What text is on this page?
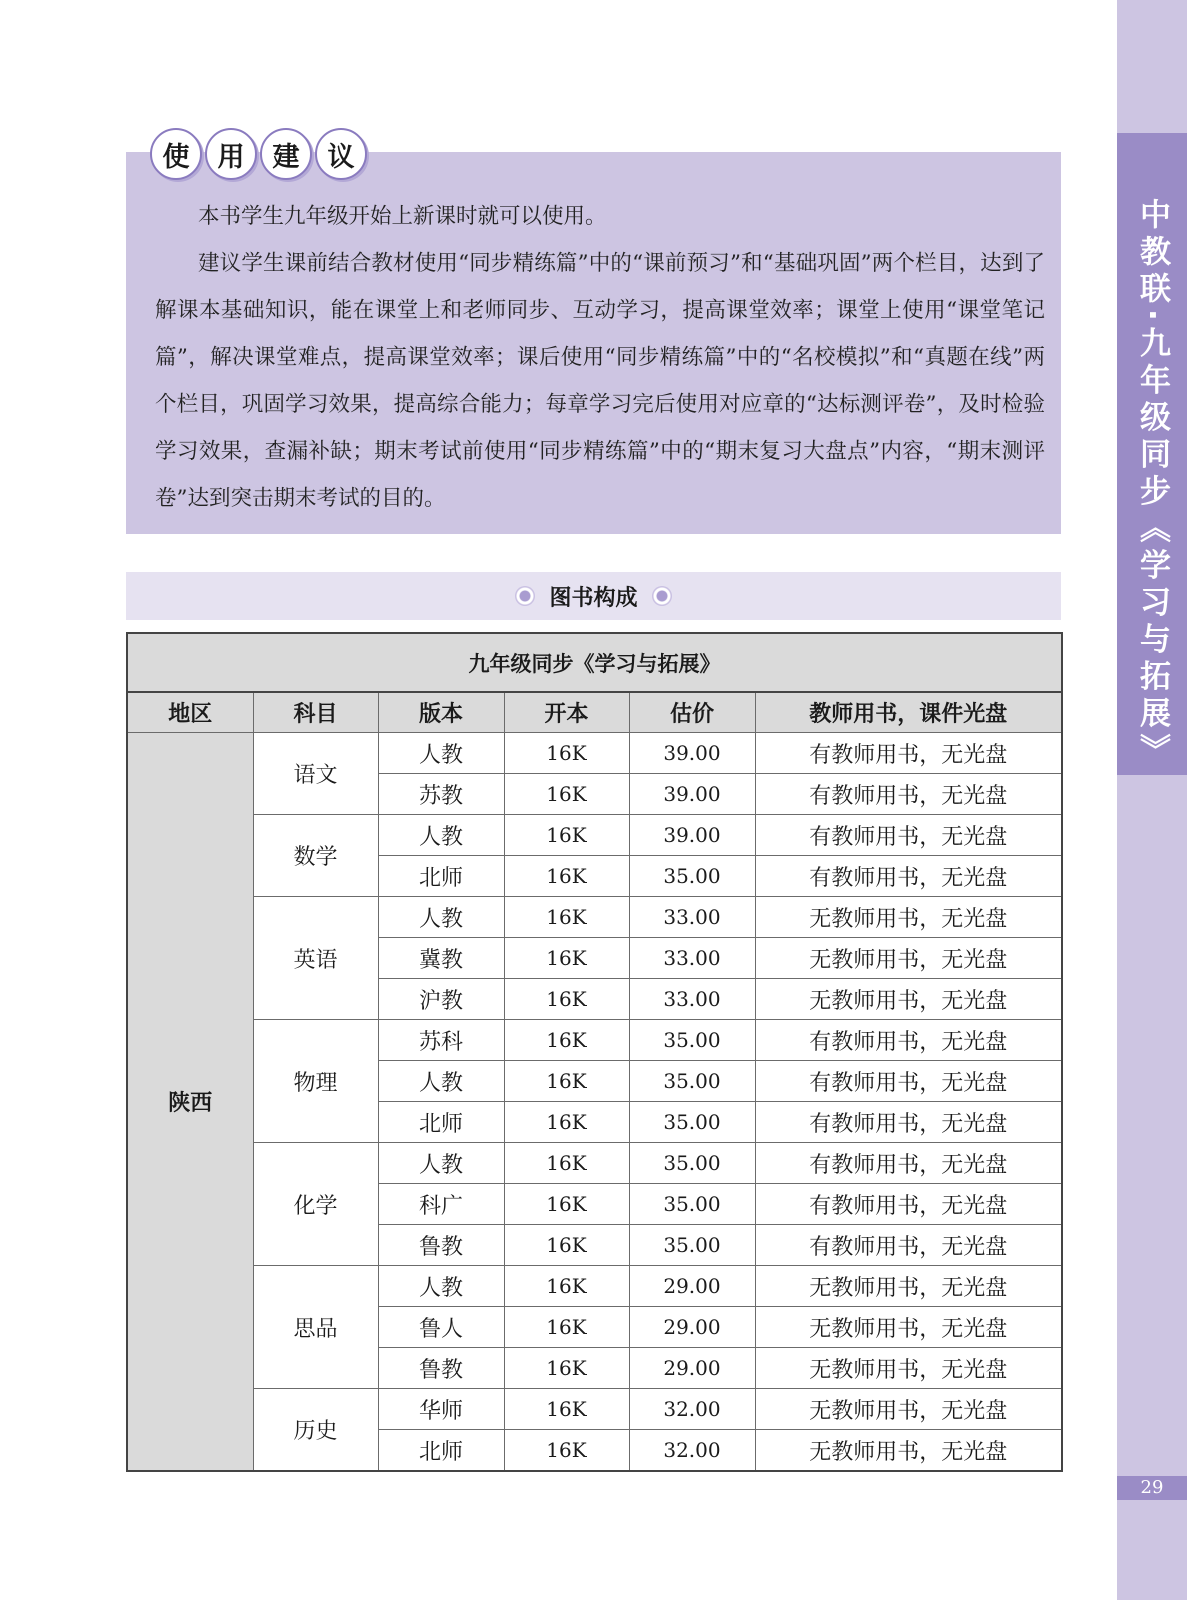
中教联·九年级同步《学习与拓展》
29
使	用	建	议

本书学生九年级开始上新课时就可以使用。

建议学生课前结合教材使用“同步精练篇”中的“课前预习”和“基础巩固”两个栏目，达到了解课本基础知识，能在课堂上和老师同步、互动学习，提高课堂效率；课堂上使用“课堂笔记篇”，解决课堂难点，提高课堂效率；课后使用“同步精练篇”中的“名校模拟”和“真题在线”两个栏目，巩固学习效果，提高综合能力；每章学习完后使用对应章的“达标测评卷”，及时检验学习效果，查漏补缺；期末考试前使用“同步精练篇”中的“期末复习大盘点”内容，“期末测评卷”达到突击期末考试的目的。

图书构成
九年级同步《学习与拓展》					
地区	科目	版本	开本	估价	教师用书，课件光盘
陕西	语文	人教	16K	39.00	有教师用书，无光盘
		苏教	16K	39.00	有教师用书，无光盘
	数学	人教	16K	39.00	有教师用书，无光盘
		北师	16K	35.00	有教师用书，无光盘
	英语	人教	16K	33.00	无教师用书，无光盘
		冀教	16K	33.00	无教师用书，无光盘
		沪教	16K	33.00	无教师用书，无光盘
	物理	苏科	16K	35.00	有教师用书，无光盘
		人教	16K	35.00	有教师用书，无光盘
		北师	16K	35.00	有教师用书，无光盘
	化学	人教	16K	35.00	有教师用书，无光盘
		科广	16K	35.00	有教师用书，无光盘
		鲁教	16K	35.00	有教师用书，无光盘
	思品	人教	16K	29.00	无教师用书，无光盘
		鲁人	16K	29.00	无教师用书，无光盘
		鲁教	16K	29.00	无教师用书，无光盘
	历史	华师	16K	32.00	无教师用书，无光盘
		北师	16K	32.00	无教师用书，无光盘
